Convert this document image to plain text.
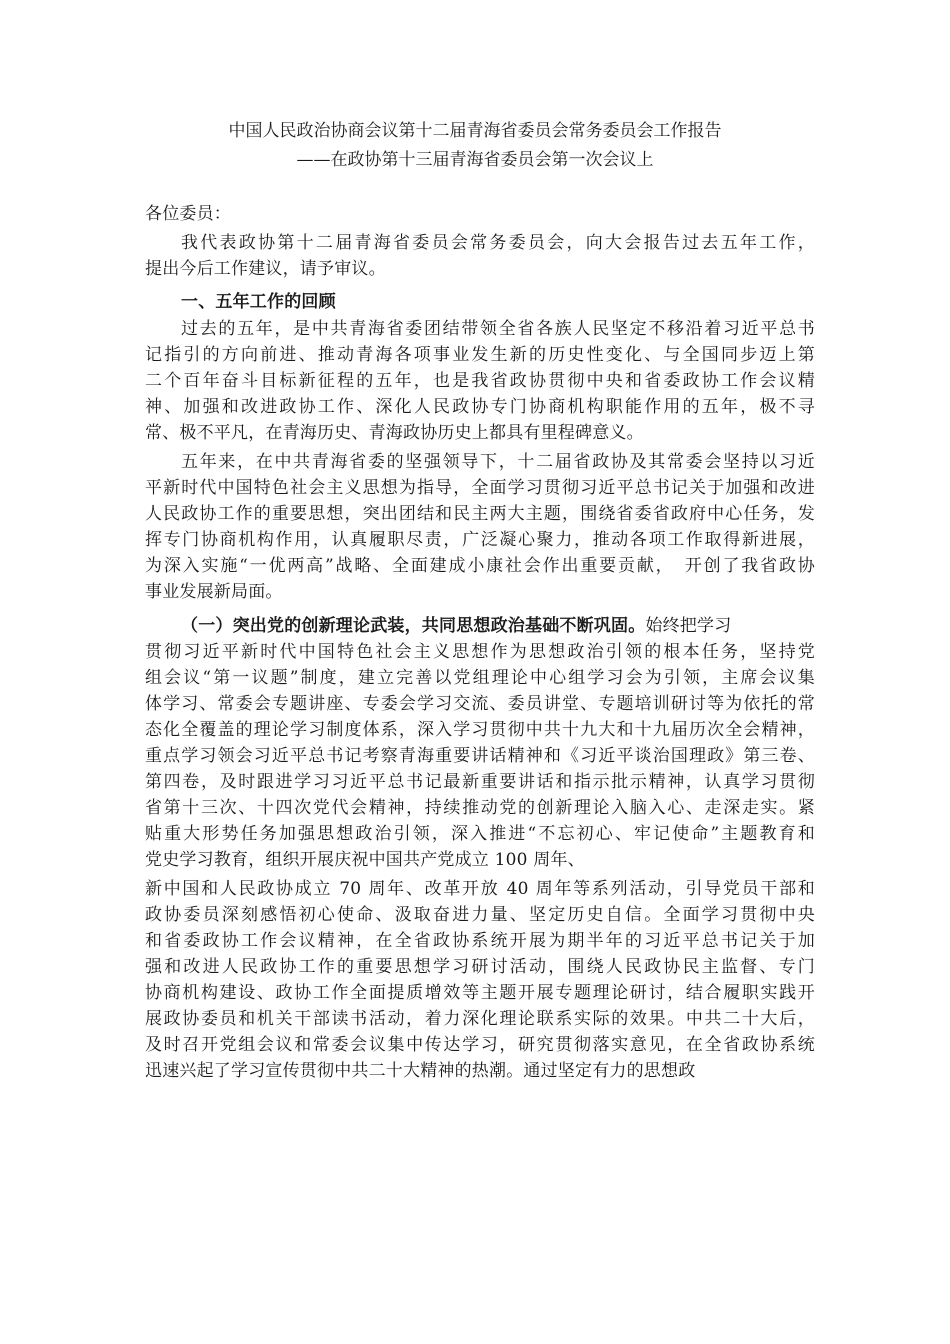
中国人民政治协商会议第十二届青海省委员会常务委员会工作报告
——在政协第十三届青海省委员会第一次会议上
各位委员：
我代表政协第十二届青海省委员会常务委员会，向大会报告过去五年工作，
提出今后工作建议，请予审议。
一、五年工作的回顾
过去的五年，是中共青海省委团结带领全省各族人民坚定不移沿着习近平总书
记指引的方向前进、推动青海各项事业发生新的历史性变化、与全国同步迈上第
二个百年奋斗目标新征程的五年，也是我省政协贯彻中央和省委政协工作会议精
神、加强和改进政协工作、深化人民政协专门协商机构职能作用的五年，极不寻
常、极不平凡，在青海历史、青海政协历史上都具有里程碑意义。
五年来，在中共青海省委的坚强领导下，十二届省政协及其常委会坚持以习近
平新时代中国特色社会主义思想为指导，全面学习贯彻习近平总书记关于加强和改进
人民政协工作的重要思想，突出团结和民主两大主题，围绕省委省政府中心任务，发
挥专门协商机构作用，认真履职尽责，广泛凝心聚力，推动各项工作取得新进展，
为深入实施“一优两高”战略、全面建成小康社会作出重要贡献，　开创了我省政协
事业发展新局面。
（一）突出党的创新理论武装，共同思想政治基础不断巩固。始终把学习
贯彻习近平新时代中国特色社会主义思想作为思想政治引领的根本任务，坚持党
组会议“第一议题”制度，建立完善以党组理论中心组学习会为引领，主席会议集
体学习、常委会专题讲座、专委会学习交流、委员讲堂、专题培训研讨等为依托的常
态化全覆盖的理论学习制度体系，深入学习贯彻中共十九大和十九届历次全会精神，
重点学习领会习近平总书记考察青海重要讲话精神和《习近平谈治国理政》第三卷、
第四卷，及时跟进学习习近平总书记最新重要讲话和指示批示精神，认真学习贯彻
省第十三次、十四次党代会精神，持续推动党的创新理论入脑入心、走深走实。紧
贴重大形势任务加强思想政治引领，深入推进“不忘初心、牢记使命”主题教育和
党史学习教育，组织开展庆祝中国共产党成立 100 周年、
新中国和人民政协成立 70 周年、改革开放 40 周年等系列活动，引导党员干部和
政协委员深刻感悟初心使命、汲取奋进力量、坚定历史自信。全面学习贯彻中央
和省委政协工作会议精神，在全省政协系统开展为期半年的习近平总书记关于加
强和改进人民政协工作的重要思想学习研讨活动，围绕人民政协民主监督、专门
协商机构建设、政协工作全面提质增效等主题开展专题理论研讨，结合履职实践开
展政协委员和机关干部读书活动，着力深化理论联系实际的效果。中共二十大后，
及时召开党组会议和常委会议集中传达学习，研究贯彻落实意见，在全省政协系统
迅速兴起了学习宣传贯彻中共二十大精神的热潮。通过坚定有力的思想政
